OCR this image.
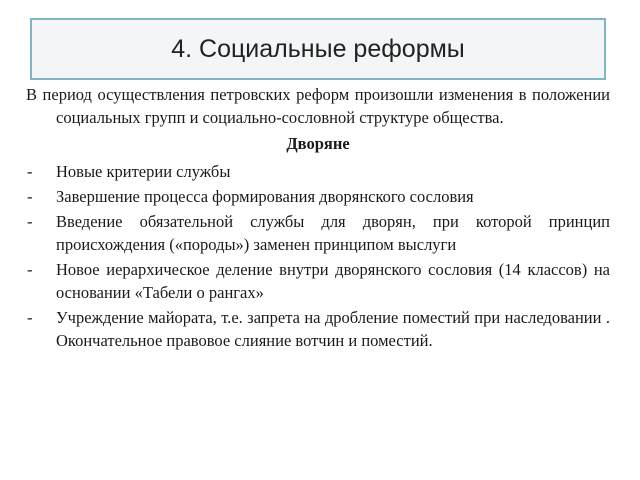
4. Социальные реформы

В период осуществления петровских реформ произошли изменения в положении социальных групп и социально-сословной структуре общества.

Дворяне
- Новые критерии службы
- Завершение процесса формирования дворянского сословия
- Введение обязательной службы для дворян, при которой принцип происхождения («породы») заменен принципом выслуги
- Новое иерархическое деление внутри дворянского сословия (14 классов) на основании «Табели о рангах»
- Учреждение майората, т.е. запрета на дробление поместий при наследовании . Окончательное правовое слияние вотчин и поместий.
